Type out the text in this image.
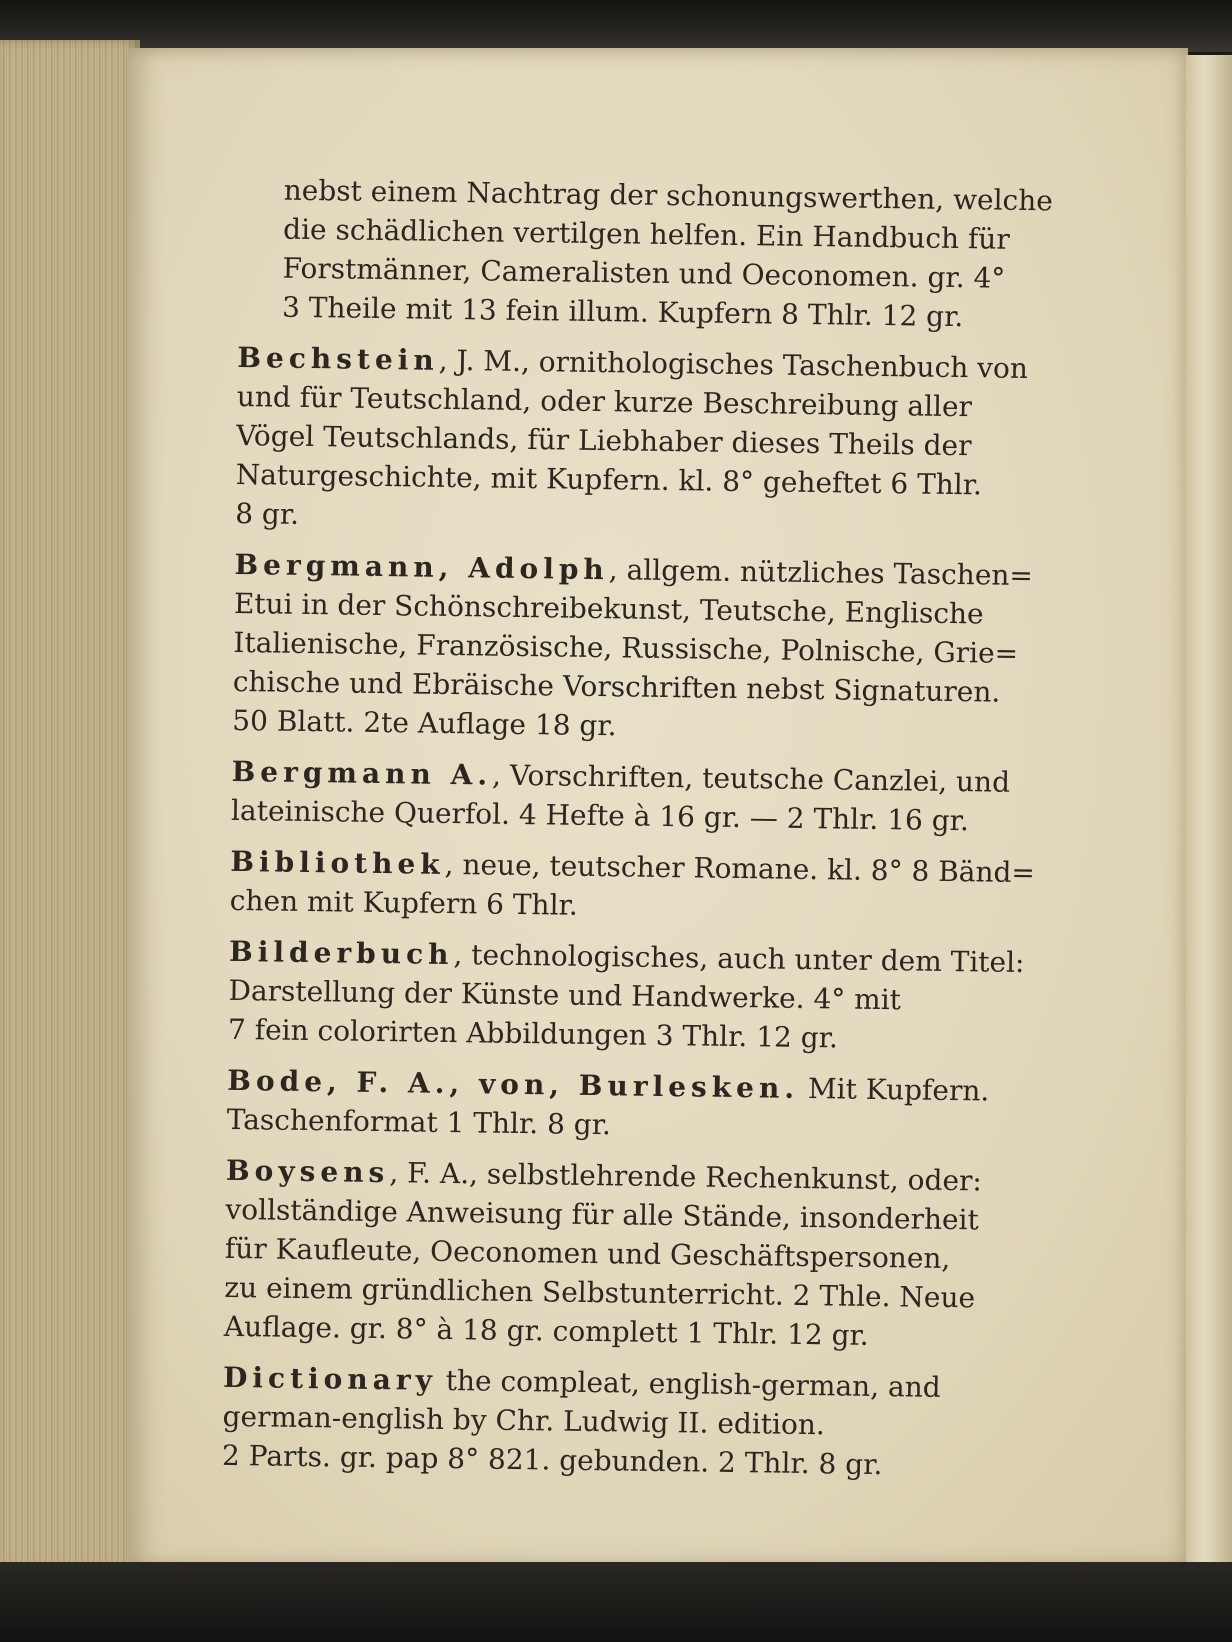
nebst einem Nachtrag der schonungswerthen, welche
die schädlichen vertilgen helfen. Ein Handbuch für
Forstmänner, Cameralisten und Oeconomen. gr. 4°
3 Theile mit 13 fein illum. Kupfern 8 Thlr. 12 gr.
Bechstein, J. M., ornithologisches Taschenbuch von
und für Teutschland, oder kurze Beschreibung aller
Vögel Teutschlands, für Liebhaber dieses Theils der
Naturgeschichte, mit Kupfern. kl. 8° geheftet 6 Thlr.
8 gr.
Bergmann, Adolph, allgem. nützliches Taschen=
Etui in der Schönschreibekunst, Teutsche, Englische
Italienische, Französische, Russische, Polnische, Grie=
chische und Ebräische Vorschriften nebst Signaturen.
50 Blatt. 2te Auflage 18 gr.
Bergmann A., Vorschriften, teutsche Canzlei, und
lateinische Querfol. 4 Hefte à 16 gr. — 2 Thlr. 16 gr.
Bibliothek, neue, teutscher Romane. kl. 8° 8 Bänd=
chen mit Kupfern 6 Thlr.
Bilderbuch, technologisches, auch unter dem Titel:
Darstellung der Künste und Handwerke. 4° mit
7 fein colorirten Abbildungen 3 Thlr. 12 gr.
Bode, F. A., von, Burlesken. Mit Kupfern.
Taschenformat 1 Thlr. 8 gr.
Boysens, F. A., selbstlehrende Rechenkunst, oder:
vollständige Anweisung für alle Stände, insonderheit
für Kaufleute, Oeconomen und Geschäftspersonen,
zu einem gründlichen Selbstunterricht. 2 Thle. Neue
Auflage. gr. 8° à 18 gr. complett 1 Thlr. 12 gr.
Dictionary the compleat, english-german, and
german-english by Chr. Ludwig II. edition.
2 Parts. gr. pap 8° 821. gebunden. 2 Thlr. 8 gr.
